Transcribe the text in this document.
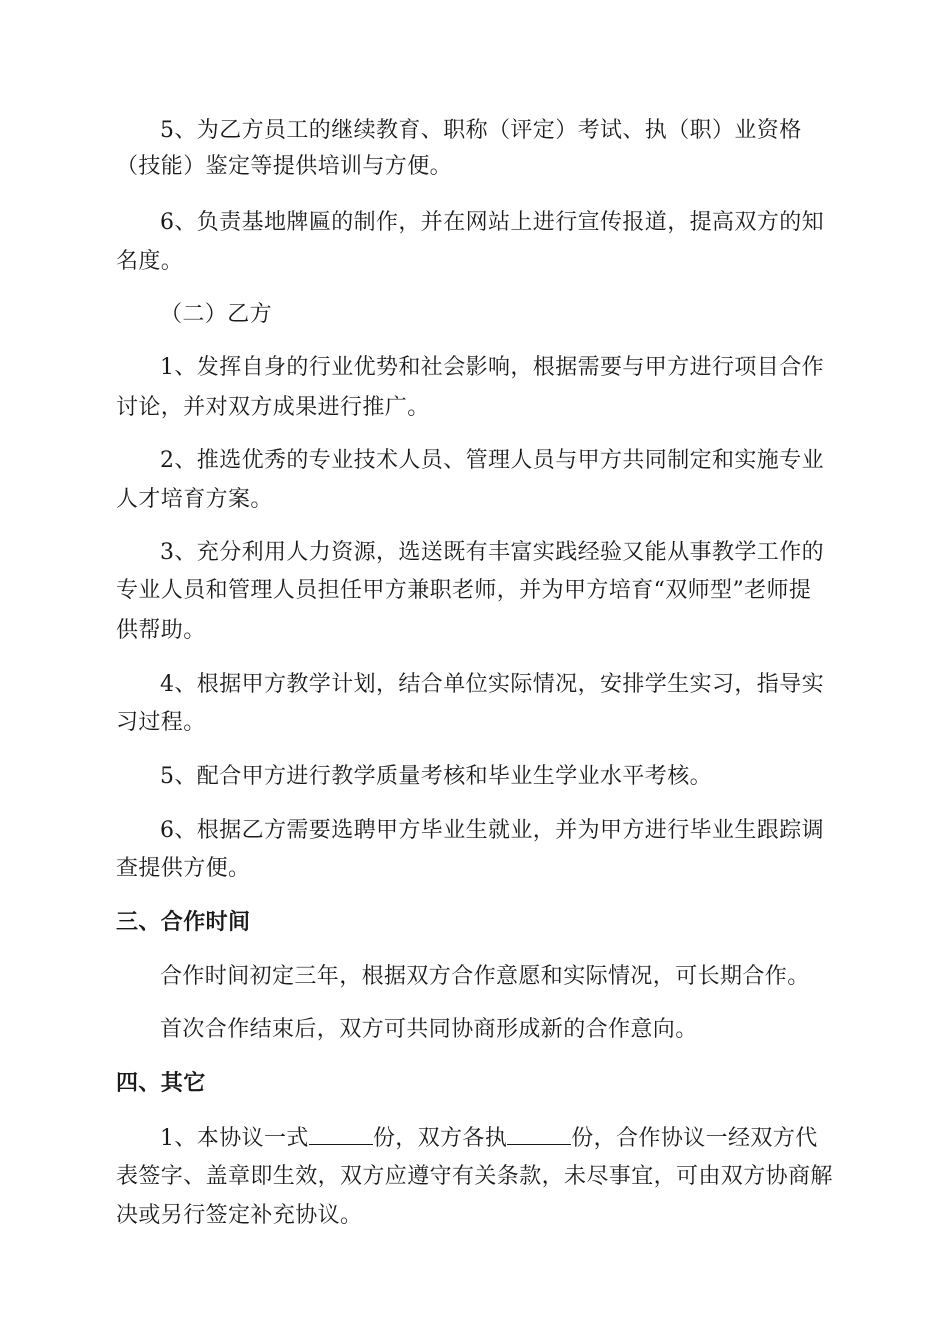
5、为乙方员工的继续教育、职称（评定）考试、执（职）业资格
（技能）鉴定等提供培训与方便。
6、负责基地牌匾的制作，并在网站上进行宣传报道，提高双方的知
名度。
（二）乙方
1、发挥自身的行业优势和社会影响，根据需要与甲方进行项目合作
讨论，并对双方成果进行推广。
2、推选优秀的专业技术人员、管理人员与甲方共同制定和实施专业
人才培育方案。
3、充分利用人力资源，选送既有丰富实践经验又能从事教学工作的
专业人员和管理人员担任甲方兼职老师，并为甲方培育“双师型”老师提
供帮助。
4、根据甲方教学计划，结合单位实际情况，安排学生实习，指导实
习过程。
5、配合甲方进行教学质量考核和毕业生学业水平考核。
6、根据乙方需要选聘甲方毕业生就业，并为甲方进行毕业生跟踪调
查提供方便。
三、合作时间
合作时间初定三年，根据双方合作意愿和实际情况，可长期合作。
首次合作结束后，双方可共同协商形成新的合作意向。
四、其它
1、本协议一式	份，双方各执	份，合作协议一经双方代
表签字、盖章即生效，双方应遵守有关条款，未尽事宜，可由双方协商解
决或另行签定补充协议。
